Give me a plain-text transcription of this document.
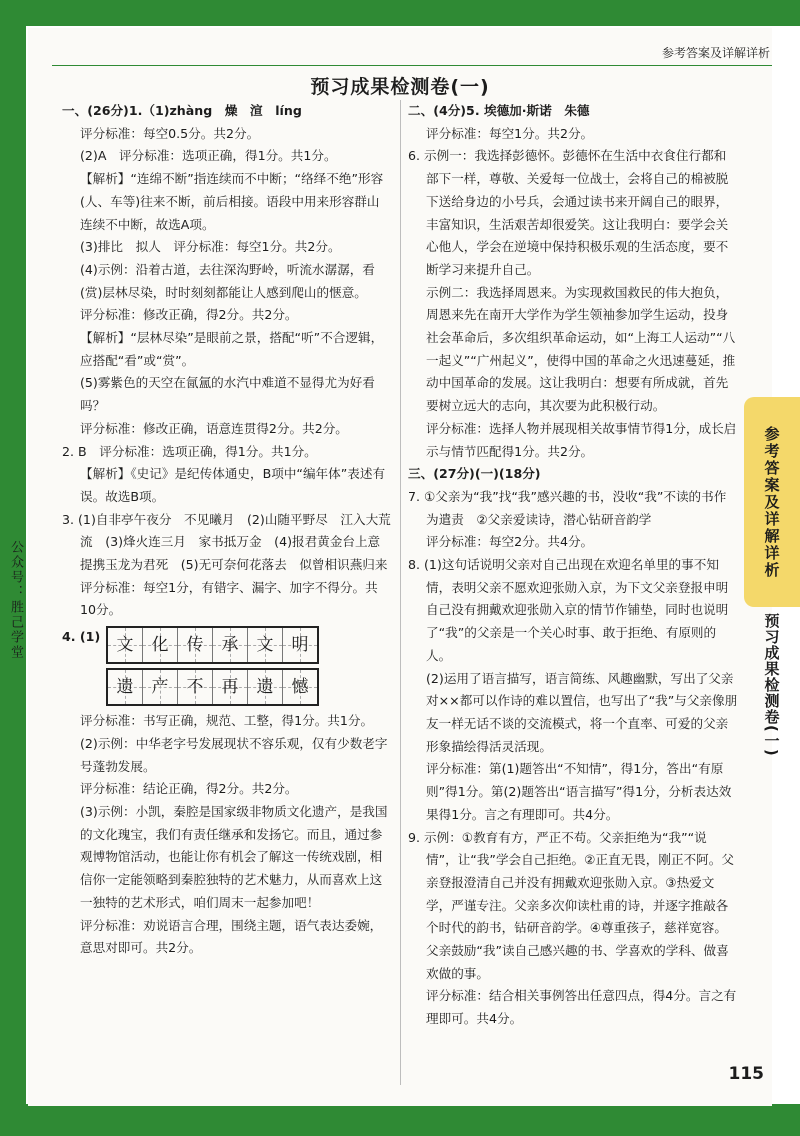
参考答案及详解详析
预习成果检测卷(一)
公众号：胜己学堂

一、(26分)1.（1)zhàng　燥　渲　líng

评分标准：每空0.5分。共2分。

(2)A　评分标准：选项正确，得1分。共1分。

【解析】“连绵不断”指连续而不中断；“络绎不绝”形容(人、车等)往来不断，前后相接。语段中用来形容群山连续不中断，故选A项。

(3)排比　拟人　评分标准：每空1分。共2分。

(4)示例：沿着古道，去往深沟野岭，听流水潺潺，看(赏)层林尽染，时时刻刻都能让人感到爬山的惬意。

评分标准：修改正确，得2分。共2分。

【解析】“层林尽染”是眼前之景，搭配“听”不合逻辑，应搭配“看”或“赏”。

(5)雾紫色的天空在氤氲的水汽中难道不显得尤为好看吗？

评分标准：修改正确，语意连贯得2分。共2分。

2. B　评分标准：选项正确，得1分。共1分。

【解析】《史记》是纪传体通史，B项中“编年体”表述有误。故选B项。

3. (1)自非亭午夜分　不见曦月　(2)山随平野尽　江入大荒流　(3)烽火连三月　家书抵万金　(4)报君黄金台上意　提携玉龙为君死　(5)无可奈何花落去　似曾相识燕归来

评分标准：每空1分，有错字、漏字、加字不得分。共10分。

4. (1) 文 化 传 承 文 明
遗 产 不 再 遗 憾

评分标准：书写正确，规范、工整，得1分。共1分。

(2)示例：中华老字号发展现状不容乐观，仅有少数老字号蓬勃发展。

评分标准：结论正确，得2分。共2分。

(3)示例：小凯，秦腔是国家级非物质文化遗产，是我国的文化瑰宝，我们有责任继承和发扬它。而且，通过参观博物馆活动，也能让你有机会了解这一传统戏剧，相信你一定能领略到秦腔独特的艺术魅力，从而喜欢上这一独特的艺术形式，咱们周末一起参加吧！

评分标准：劝说语言合理，围绕主题，语气表达委婉，意思对即可。共2分。

二、(4分)5. 埃德加·斯诺　朱德

评分标准：每空1分。共2分。

6. 示例一：我选择彭德怀。彭德怀在生活中衣食住行都和部下一样，尊敬、关爱每一位战士，会将自己的棉被脱下送给身边的小号兵，会通过读书来开阔自己的眼界，丰富知识，生活艰苦却很爱笑。这让我明白：要学会关心他人，学会在逆境中保持积极乐观的生活态度，要不断学习来提升自己。

示例二：我选择周恩来。为实现救国救民的伟大抱负，周恩来先在南开大学作为学生领袖参加学生运动，投身社会革命后，多次组织革命运动，如“上海工人运动”“八一起义”“广州起义”，使得中国的革命之火迅速蔓延，推动中国革命的发展。这让我明白：想要有所成就，首先要树立远大的志向，其次要为此积极行动。

评分标准：选择人物并展现相关故事情节得1分，成长启示与情节匹配得1分。共2分。

三、(27分)(一)(18分)

7. ①父亲为“我”找“我”感兴趣的书，没收“我”不读的书作为遣责　②父亲爱读诗，潜心钻研音韵学

评分标准：每空2分。共4分。

8. (1)这句话说明父亲对自己出现在欢迎名单里的事不知情，表明父亲不愿欢迎张勋入京，为下文父亲登报申明自己没有拥戴欢迎张勋入京的情节作铺垫，同时也说明了“我”的父亲是一个关心时事、敢于拒绝、有原则的人。

(2)运用了语言描写，语言简练、风趣幽默，写出了父亲对××都可以作诗的难以置信，也写出了“我”与父亲像朋友一样无话不谈的交流模式，将一个直率、可爱的父亲形象描绘得活灵活现。

评分标准：第(1)题答出“不知情”，得1分，答出“有原则”得1分。第(2)题答出“语言描写”得1分，分析表达效果得1分。言之有理即可。共4分。

9. 示例：①教育有方，严正不苟。父亲拒绝为“我”“说情”，让“我”学会自己拒绝。②正直无畏，刚正不阿。父亲登报澄清自己并没有拥戴欢迎张勋入京。③热爱文学，严谨专注。父亲多次仰读杜甫的诗，并逐字推敲各个时代的韵书，钻研音韵学。④尊重孩子，慈祥宽容。父亲鼓励“我”读自己感兴趣的书、学喜欢的学科、做喜欢做的事。

评分标准：结合相关事例答出任意四点，得4分。言之有理即可。共4分。

参考答案及详解详析
预习成果检测卷(一)
115
